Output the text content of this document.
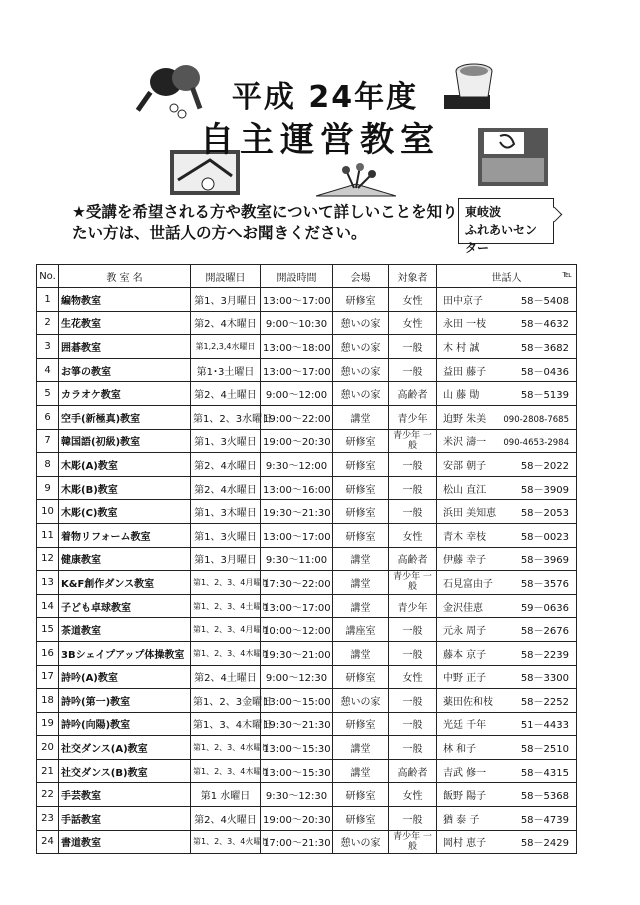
平成 24年度
自主運営教室
★受講を希望される方や教室について詳しいことを知りたい方は、世話人の方へお聞きください。
東岐波
ふれあいセンター
No.	教 室 名	開設曜日	開設時間	会場	対象者	世話人 ℡

1	編物教室	第1、3月曜日	13:00～17:00	研修室	女性	田中京子 58－5408
2	生花教室	第2、4木曜日	9:00～10:30	憩いの家	女性	永田 一枝 58－4632
3	囲碁教室	第1,2,3,4水曜日	13:00～18:00	憩いの家	一般	木 村 誠 58－3682
4	お箏の教室	第1･3土曜日	13:00～17:00	憩いの家	一般	益田 藤子 58－0436
5	カラオケ教室	第2、4土曜日	9:00～12:00	憩いの家	高齢者	山 藤 勛 58－5139
6	空手(新極真)教室	第1、2、3水曜日	19:00～22:00	講堂	青少年	迫野 朱美 090-2808-7685
7	韓国語(初級)教室	第1、3火曜日	19:00～20:30	研修室	青少年 一般	米沢 濤一 090-4653-2984
8	木彫(A)教室	第2、4水曜日	9:30～12:00	研修室	一般	安部 朝子 58－2022
9	木彫(B)教室	第2、4水曜日	13:00～16:00	研修室	一般	松山 直江 58－3909
10	木彫(C)教室	第1、3木曜日	19:30～21:30	研修室	一般	浜田 美知恵 58－2053
11	着物リフォーム教室	第1、3火曜日	13:00～17:00	研修室	女性	青木 幸枝 58－0023
12	健康教室	第1、3月曜日	9:30～11:00	講堂	高齢者	伊藤 幸子 58－3969
13	K&F創作ダンス教室	第1、2、3、4月曜日	17:30～22:00	講堂	青少年 一般	石見富由子 58－3576
14	子ども卓球教室	第1、2、3、4土曜日	13:00～17:00	講堂	青少年	金沢佳恵 59－0636
15	茶道教室	第1、2、3、4月曜日	10:00～12:00	講座室	一般	元永 周子 58－2676
16	3Bシェイプアップ体操教室	第1、2、3、4木曜日	19:30～21:00	講堂	一般	藤本 京子 58－2239
17	詩吟(A)教室	第2、4土曜日	9:00～12:30	研修室	女性	中野 正子 58－3300
18	詩吟(第一)教室	第1、2、3金曜日	13:00～15:00	憩いの家	一般	薬田佐和枝 58－2252
19	詩吟(向陽)教室	第1、3、4木曜日	19:30～21:30	研修室	一般	光廷 千年 51－4433
20	社交ダンス(A)教室	第1、2、3、4水曜日	13:00～15:30	講堂	一般	林 和子 58－2510
21	社交ダンス(B)教室	第1、2、3、4木曜日	13:00～15:30	講堂	高齢者	吉武 修一 58－4315
22	手芸教室	第1 水曜日	9:30～12:30	研修室	女性	飯野 陽子 58－5368
23	手話教室	第2、4火曜日	19:00～20:30	研修室	一般	猶 泰 子 58－4739
24	書道教室	第1、2、3、4火曜日	17:00～21:30	憩いの家	青少年 一般	岡村 恵子 58－2429
